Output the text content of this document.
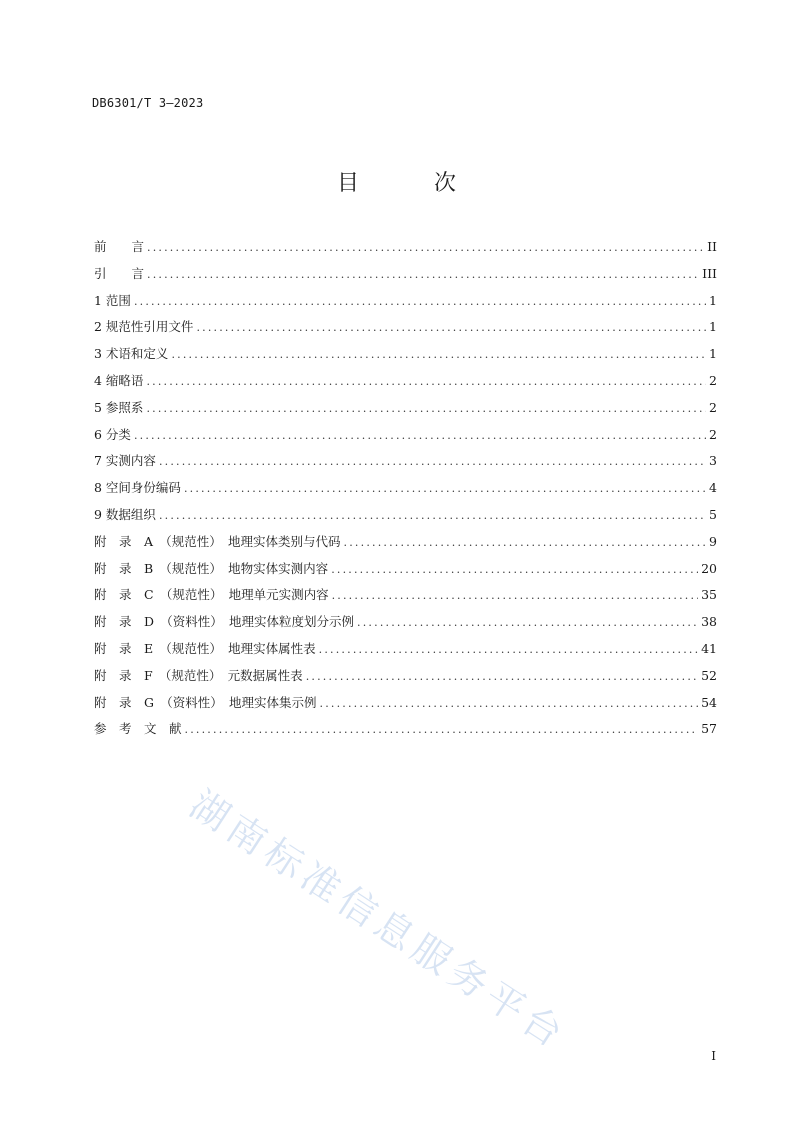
DB6301/T 3—2023
目 次
前　　言 .....	II
引　　言 .....	III
1 范围 .....	1
2 规范性引用文件 .....	1
3 术语和定义 .....	1
4 缩略语 .....	2
5 参照系 .....	2
6 分类 .....	2
7 实测内容 .....	3
8 空间身份编码 .....	4
9 数据组织 .....	5
附　录　A　（规范性）　地理实体类别与代码 .....	9
附　录　B　（规范性）　地物实体实测内容 .....	20
附　录　C　（规范性）　地理单元实测内容 .....	35
附　录　D　（资料性）　地理实体粒度划分示例 .....	38
附　录　E　（规范性）　地理实体属性表 .....	41
附　录　F　（规范性）　元数据属性表 .....	52
附　录　G　（资料性）　地理实体集示例 .....	54
参　考　文　献 .....	57
湖南标准信息服务平台	I
